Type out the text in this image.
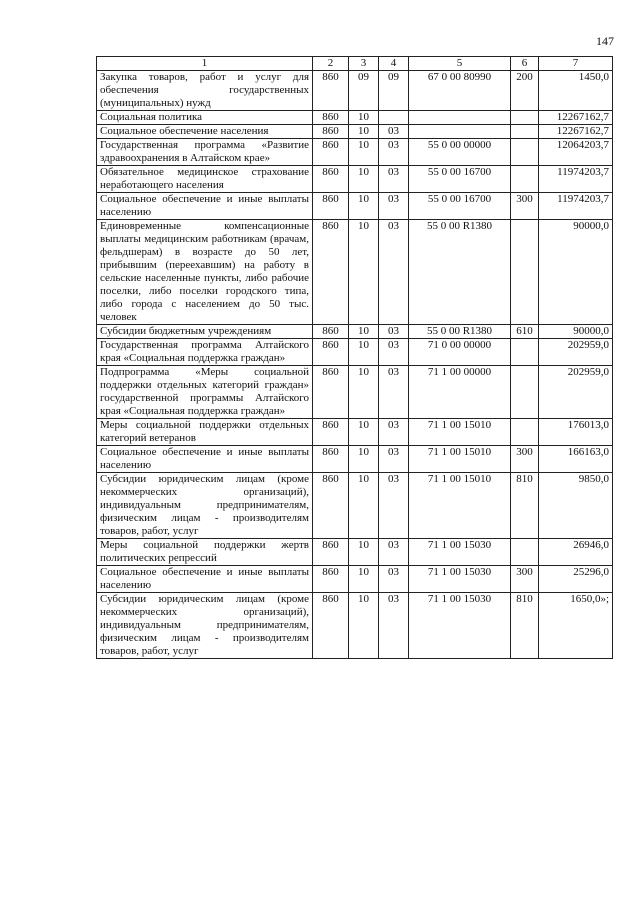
147
1	2	3	4	5	6	7
Закупка товаров, работ и услуг для обеспечения государственных (муниципальных) нужд	860	09	09	67 0 00 80990	200	1450,0
Социальная политика	860	10				12267162,7
Социальное обеспечение населения	860	10	03			12267162,7
Государственная программа «Развитие здравоохранения в Алтайском крае»	860	10	03	55 0 00 00000		12064203,7
Обязательное медицинское страхование неработающего населения	860	10	03	55 0 00 16700		11974203,7
Социальное обеспечение и иные выплаты населению	860	10	03	55 0 00 16700	300	11974203,7
Единовременные компенсационные выплаты медицинским работникам (врачам, фельдшерам) в возрасте до 50 лет, прибывшим (переехавшим) на работу в сельские населенные пункты, либо рабочие поселки, либо поселки городского типа, либо города с населением до 50 тыс. человек	860	10	03	55 0 00 R1380		90000,0
Субсидии бюджетным учреждениям	860	10	03	55 0 00 R1380	610	90000,0
Государственная программа Алтайского края «Социальная поддержка граждан»	860	10	03	71 0 00 00000		202959,0
Подпрограмма «Меры социальной поддержки отдельных категорий граждан» государственной программы Алтайского края «Социальная поддержка граждан»	860	10	03	71 1 00 00000		202959,0
Меры социальной поддержки отдельных категорий ветеранов	860	10	03	71 1 00 15010		176013,0
Социальное обеспечение и иные выплаты населению	860	10	03	71 1 00 15010	300	166163,0
Субсидии юридическим лицам (кроме некоммерческих организаций), индивидуальным предпринимателям, физическим лицам - производителям товаров, работ, услуг	860	10	03	71 1 00 15010	810	9850,0
Меры социальной поддержки жертв политических репрессий	860	10	03	71 1 00 15030		26946,0
Социальное обеспечение и иные выплаты населению	860	10	03	71 1 00 15030	300	25296,0
Субсидии юридическим лицам (кроме некоммерческих организаций), индивидуальным предпринимателям, физическим лицам - производителям товаров, работ, услуг	860	10	03	71 1 00 15030	810	1650,0»;
